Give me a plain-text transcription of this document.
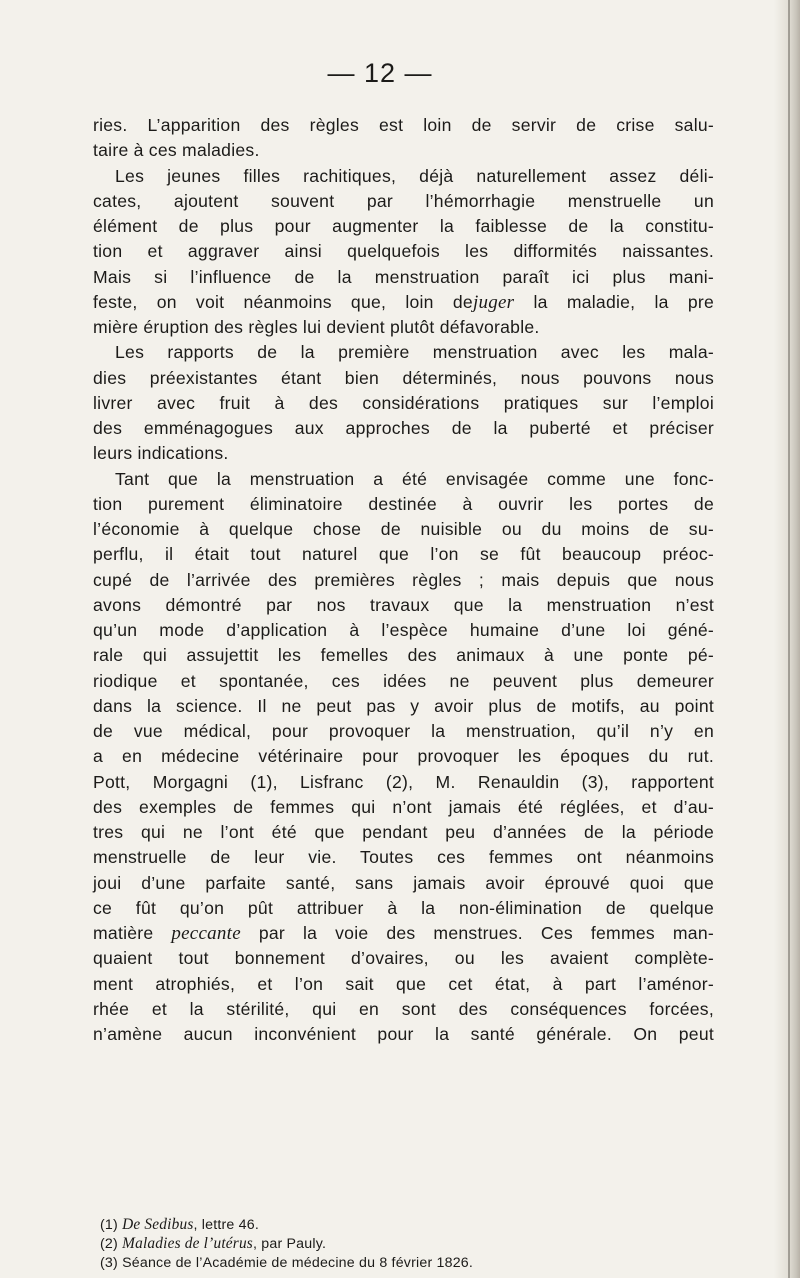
— 12 —
ries. L’apparition des règles est loin de servir de crise salu-
taire à ces maladies.
Les jeunes filles rachitiques, déjà naturellement assez déli-
cates, ajoutent souvent par l’hémorrhagie menstruelle un
élément de plus pour augmenter la faiblesse de la constitu-
tion et aggraver ainsi quelquefois les difformités naissantes.
Mais si l’influence de la menstruation paraît ici plus mani-
feste, on voit néanmoins que, loin dejuger la maladie, la pre
mière éruption des règles lui devient plutôt défavorable.
Les rapports de la première menstruation avec les mala-
dies préexistantes étant bien déterminés, nous pouvons nous
livrer avec fruit à des considérations pratiques sur l’emploi
des emménagogues aux approches de la puberté et préciser
leurs indications.
Tant que la menstruation a été envisagée comme une fonc-
tion purement éliminatoire destinée à ouvrir les portes de
l’économie à quelque chose de nuisible ou du moins de su-
perflu, il était tout naturel que l’on se fût beaucoup préoc-
cupé de l’arrivée des premières règles ; mais depuis que nous
avons démontré par nos travaux que la menstruation n’est
qu’un mode d’application à l’espèce humaine d’une loi géné-
rale qui assujettit les femelles des animaux à une ponte pé-
riodique et spontanée, ces idées ne peuvent plus demeurer
dans la science. Il ne peut pas y avoir plus de motifs, au point
de vue médical, pour provoquer la menstruation, qu’il n’y en
a en médecine vétérinaire pour provoquer les époques du rut.
Pott, Morgagni (1), Lisfranc (2), M. Renauldin (3), rapportent
des exemples de femmes qui n’ont jamais été réglées, et d’au-
tres qui ne l’ont été que pendant peu d’années de la période
menstruelle de leur vie. Toutes ces femmes ont néanmoins
joui d’une parfaite santé, sans jamais avoir éprouvé quoi que
ce fût qu’on pût attribuer à la non-élimination de quelque
matière peccante par la voie des menstrues. Ces femmes man-
quaient tout bonnement d’ovaires, ou les avaient complète-
ment atrophiés, et l’on sait que cet état, à part l’aménor-
rhée et la stérilité, qui en sont des conséquences forcées,
n’amène aucun inconvénient pour la santé générale. On peut
(1) De Sedibus, lettre 46.
(2) Maladies de l’utérus, par Pauly.
(3) Séance de l’Académie de médecine du 8 février 1826.
